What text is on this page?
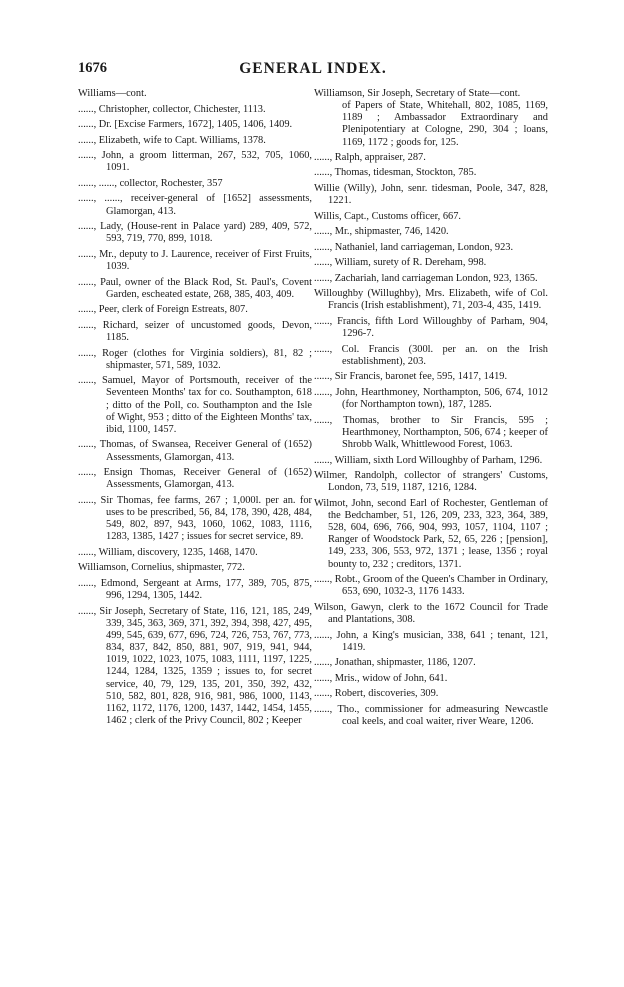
1676	GENERAL INDEX.

Williams—cont.

......, Christopher, collector, Chichester, 1113.

......, Dr. [Excise Farmers, 1672], 1405, 1406, 1409.

......, Elizabeth, wife to Capt. Williams, 1378.

......, John, a groom litterman, 267, 532, 705, 1060, 1091.

......, ......, collector, Rochester, 357

......, ......, receiver-general of [1652] assessments, Glamorgan, 413.

......, Lady, (House-rent in Palace yard) 289, 409, 572, 593, 719, 770, 899, 1018.

......, Mr., deputy to J. Laurence, receiver of First Fruits, 1039.

......, Paul, owner of the Black Rod, St. Paul's, Covent Garden, escheated estate, 268, 385, 403, 409.

......, Peer, clerk of Foreign Estreats, 807.

......, Richard, seizer of uncustomed goods, Devon, 1185.

......, Roger (clothes for Virginia soldiers), 81, 82 ; shipmaster, 571, 589, 1032.

......, Samuel, Mayor of Portsmouth, receiver of the Seventeen Months' tax for co. Southampton, 618 ; ditto of the Poll, co. Southampton and the Isle of Wight, 953 ; ditto of the Eighteen Months' tax, ibid, 1100, 1457.

......, Thomas, of Swansea, Receiver General of (1652) Assessments, Glamorgan, 413.

......, Ensign Thomas, Receiver General of (1652) Assessments, Glamorgan, 413.

......, Sir Thomas, fee farms, 267 ; 1,000l. per an. for uses to be prescribed, 56, 84, 178, 390, 428, 484, 549, 802, 897, 943, 1060, 1062, 1083, 1116, 1283, 1385, 1427 ; issues for secret service, 89.

......, William, discovery, 1235, 1468, 1470.

Williamson, Cornelius, shipmaster, 772.

......, Edmond, Sergeant at Arms, 177, 389, 705, 875, 996, 1294, 1305, 1442.

......, Sir Joseph, Secretary of State, 116, 121, 185, 249, 339, 345, 363, 369, 371, 392, 394, 398, 427, 495, 499, 545, 639, 677, 696, 724, 726, 753, 767, 773, 834, 837, 842, 850, 881, 907, 919, 941, 944, 1019, 1022, 1023, 1075, 1083, 1111, 1197, 1225, 1244, 1284, 1325, 1359 ; issues to, for secret service, 40, 79, 129, 135, 201, 350, 392, 432, 510, 582, 801, 828, 916, 981, 986, 1000, 1143, 1162, 1172, 1176, 1200, 1437, 1442, 1454, 1455, 1462 ; clerk of the Privy Council, 802 ; Keeper

Williamson, Sir Joseph, Secretary of State—cont.

of Papers of State, Whitehall, 802, 1085, 1169, 1189 ; Ambassador Extraordinary and Plenipotentiary at Cologne, 290, 304 ; loans, 1169, 1172 ; goods for, 125.

......, Ralph, appraiser, 287.

......, Thomas, tidesman, Stockton, 785.

Willie (Willy), John, senr. tidesman, Poole, 347, 828, 1221.

Willis, Capt., Customs officer, 667.

......, Mr., shipmaster, 746, 1420.

......, Nathaniel, land carriageman, London, 923.

......, William, surety of R. Dereham, 998.

......, Zachariah, land carriageman London, 923, 1365.

Willoughby (Willughby), Mrs. Elizabeth, wife of Col. Francis (Irish establishment), 71, 203-4, 435, 1419.

......, Francis, fifth Lord Willoughby of Parham, 904, 1296-7.

......, Col. Francis (300l. per an. on the Irish establishment), 203.

......, Sir Francis, baronet fee, 595, 1417, 1419.

......, John, Hearthmoney, Northampton, 506, 674, 1012 (for Northampton town), 187, 1285.

......, Thomas, brother to Sir Francis, 595 ; Hearthmoney, Northampton, 506, 674 ; keeper of Shrobb Walk, Whittlewood Forest, 1063.

......, William, sixth Lord Willoughby of Parham, 1296.

Wilmer, Randolph, collector of strangers' Customs, London, 73, 519, 1187, 1216, 1284.

Wilmot, John, second Earl of Rochester, Gentleman of the Bedchamber, 51, 126, 209, 233, 323, 364, 389, 528, 604, 696, 766, 904, 993, 1057, 1104, 1107 ; Ranger of Woodstock Park, 52, 65, 226 ; [pension], 149, 233, 306, 553, 972, 1371 ; lease, 1356 ; royal bounty to, 232 ; creditors, 1371.

......, Robt., Groom of the Queen's Chamber in Ordinary, 653, 690, 1032-3, 1176 1433.

Wilson, Gawyn, clerk to the 1672 Council for Trade and Plantations, 308.

......, John, a King's musician, 338, 641 ; tenant, 121, 1419.

......, Jonathan, shipmaster, 1186, 1207.

......, Mris., widow of John, 641.

......, Robert, discoveries, 309.

......, Tho., commissioner for admeasuring Newcastle coal keels, and coal waiter, river Weare, 1206.
